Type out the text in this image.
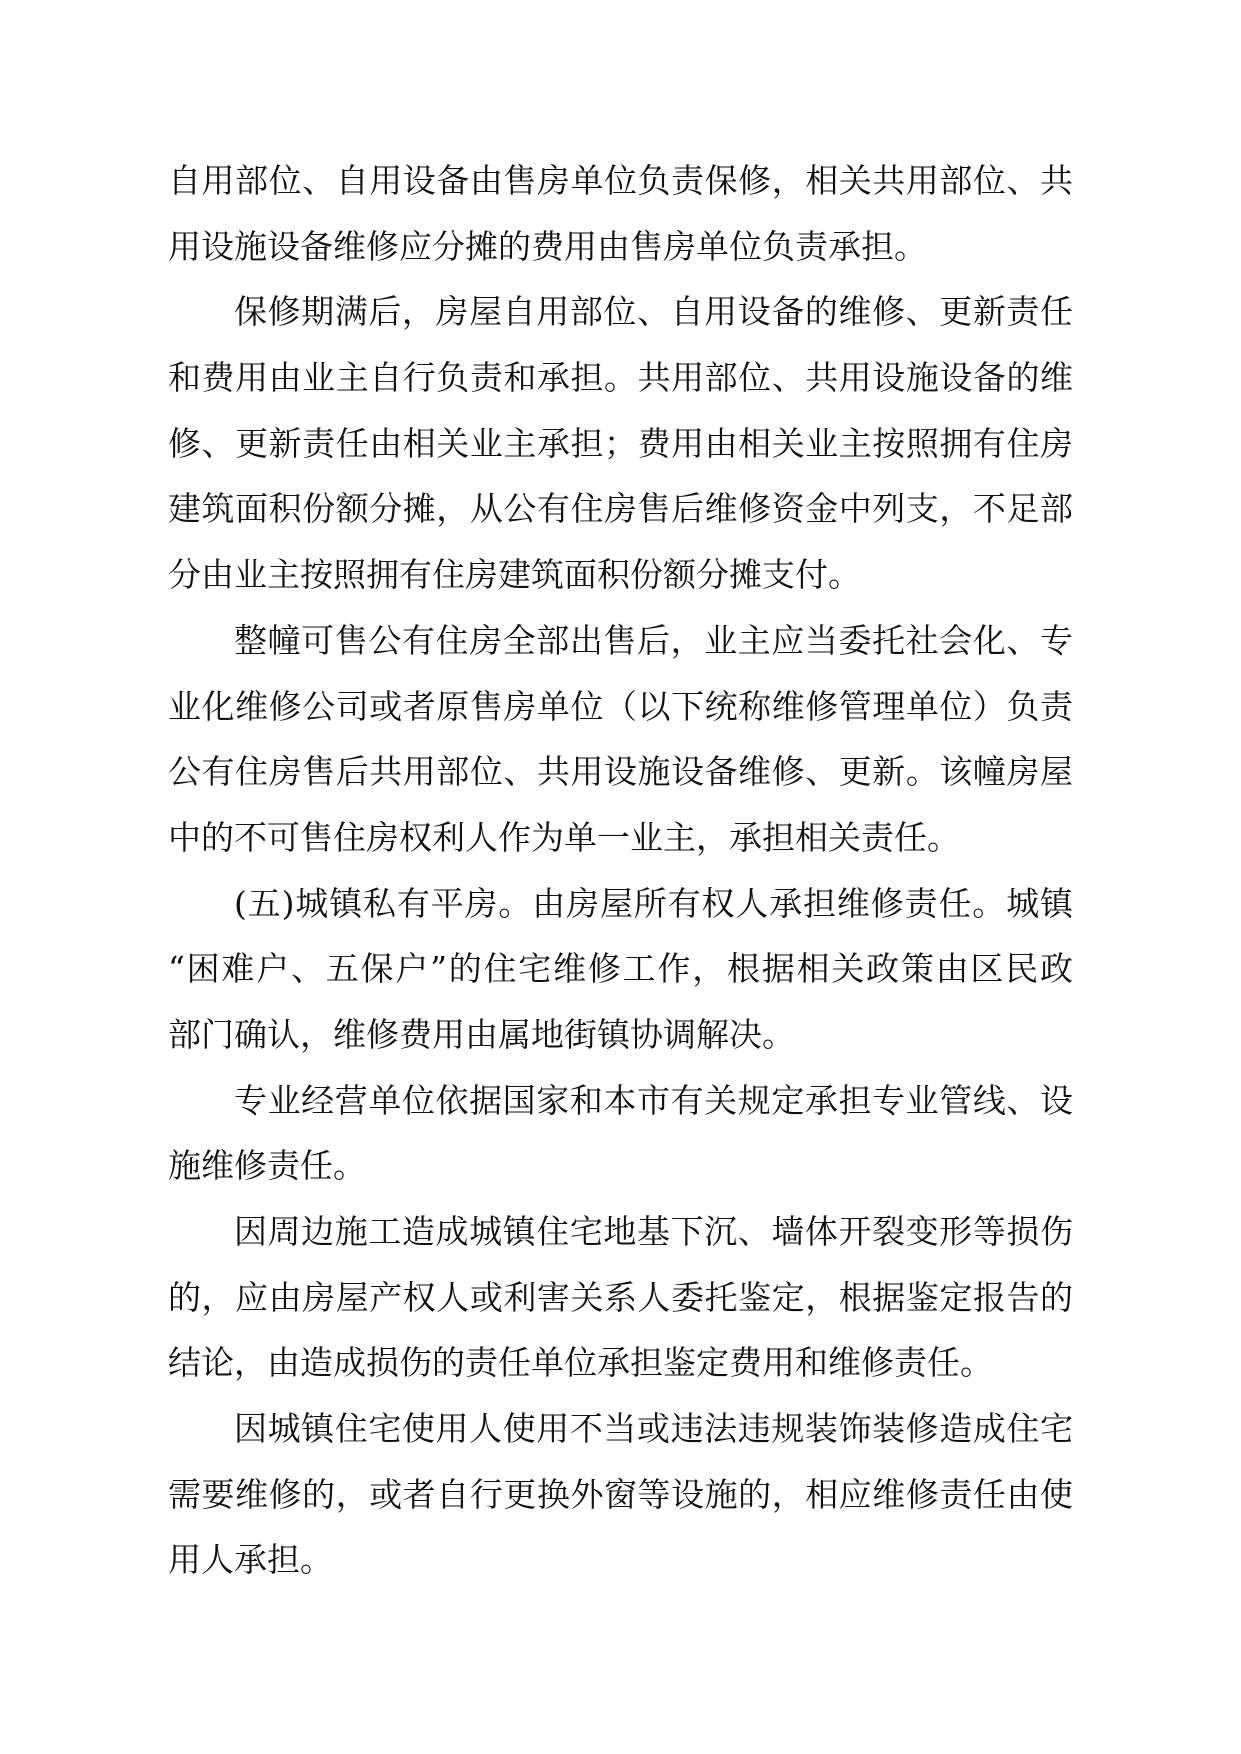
自用部位、自用设备由售房单位负责保修，相关共用部位、共
用设施设备维修应分摊的费用由售房单位负责承担。
保修期满后，房屋自用部位、自用设备的维修、更新责任
和费用由业主自行负责和承担。共用部位、共用设施设备的维
修、更新责任由相关业主承担；费用由相关业主按照拥有住房
建筑面积份额分摊，从公有住房售后维修资金中列支，不足部
分由业主按照拥有住房建筑面积份额分摊支付。
整幢可售公有住房全部出售后，业主应当委托社会化、专
业化维修公司或者原售房单位（以下统称维修管理单位）负责
公有住房售后共用部位、共用设施设备维修、更新。该幢房屋
中的不可售住房权利人作为单一业主，承担相关责任。
(五)城镇私有平房。由房屋所有权人承担维修责任。城镇
“困难户、五保户”的住宅维修工作，根据相关政策由区民政
部门确认，维修费用由属地街镇协调解决。
专业经营单位依据国家和本市有关规定承担专业管线、设
施维修责任。
因周边施工造成城镇住宅地基下沉、墙体开裂变形等损伤
的，应由房屋产权人或利害关系人委托鉴定，根据鉴定报告的
结论，由造成损伤的责任单位承担鉴定费用和维修责任。
因城镇住宅使用人使用不当或违法违规装饰装修造成住宅
需要维修的，或者自行更换外窗等设施的，相应维修责任由使
用人承担。
